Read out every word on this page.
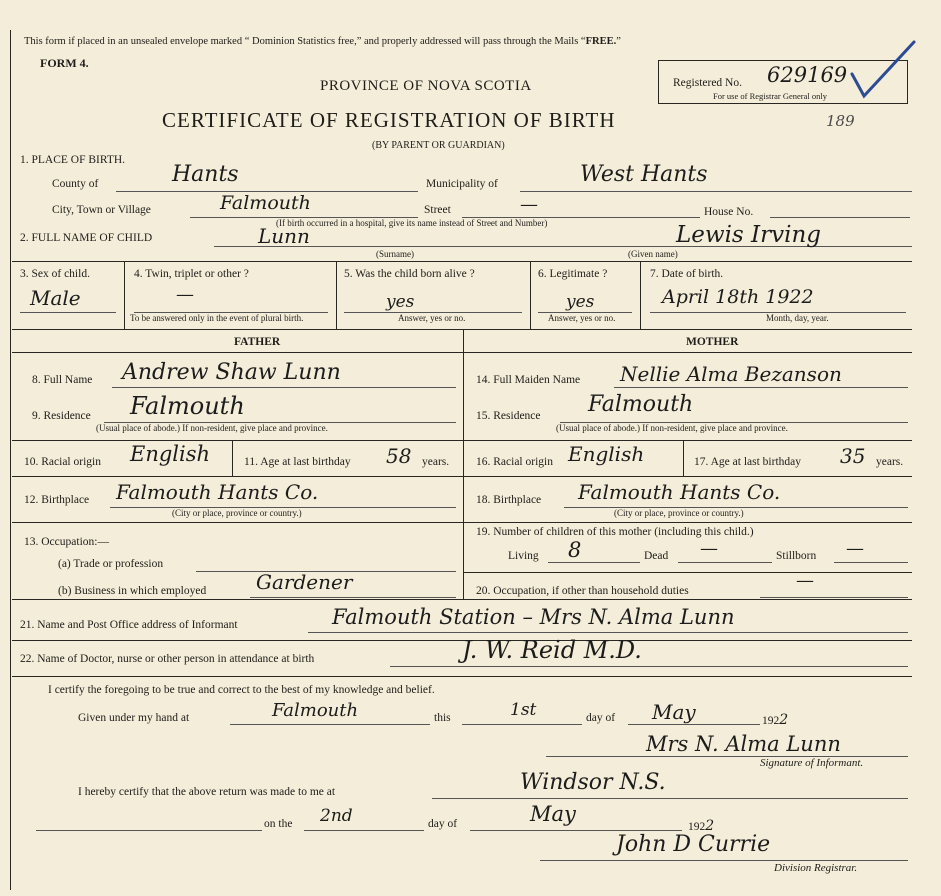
This form if placed in an unsealed envelope marked “ Dominion Statistics free,” and properly addressed will pass through the Mails “FREE.”
FORM 4.
PROVINCE OF NOVA SCOTIA
CERTIFICATE OF REGISTRATION OF BIRTH
(BY PARENT OR GUARDIAN)
Registered No. 629169
For use of Registrar General only
189
1. PLACE OF BIRTH.
County of	Hants	Municipality of	West Hants
City, Town or Village	Falmouth	Street	—	House No.
(If birth occurred in a hospital, give its name instead of Street and Number)
2. FULL NAME OF CHILD	Lunn	Lewis Irving
(Surname)	(Given name)
3. Sex of child.
Male
4. Twin, triplet or other ?
—
To be answered only in the event of plural birth.
5. Was the child born alive ?
yes
Answer, yes or no.
6. Legitimate ?
yes
Answer, yes or no.
7. Date of birth.
April 18th 1922
Month, day, year.
FATHER	MOTHER
8. Full Name Andrew Shaw Lunn
9. Residence Falmouth
(Usual place of abode.) If non-resident, give place and province.
10. Racial origin English	11. Age at last birthday 58 years.
12. Birthplace Falmouth Hants Co.
(City or place, province or country.)
13. Occupation:—
(a) Trade or profession
(b) Business in which employed Gardener
14. Full Maiden Name Nellie Alma Bezanson
15. Residence Falmouth
(Usual place of abode.) If non-resident, give place and province.
16. Racial origin English	17. Age at last birthday 35 years.
18. Birthplace Falmouth Hants Co.
(City or place, province or country.)
19. Number of children of this mother (including this child.)
Living 8	Dead —	Stillborn —
20. Occupation, if other than household duties	—
21. Name and Post Office address of Informant	Falmouth Station – Mrs N. Alma Lunn
22. Name of Doctor, nurse or other person in attendance at birth	J. W. Reid M.D.
I certify the foregoing to be true and correct to the best of my knowledge and belief.
Given under my hand at	Falmouth	this	1st	day of May	1922
Mrs N. Alma Lunn
Signature of Informant.
I hereby certify that the above return was made to me at	Windsor N.S.
on the 2nd	day of	May
1922
John D Currie
Division Registrar.
